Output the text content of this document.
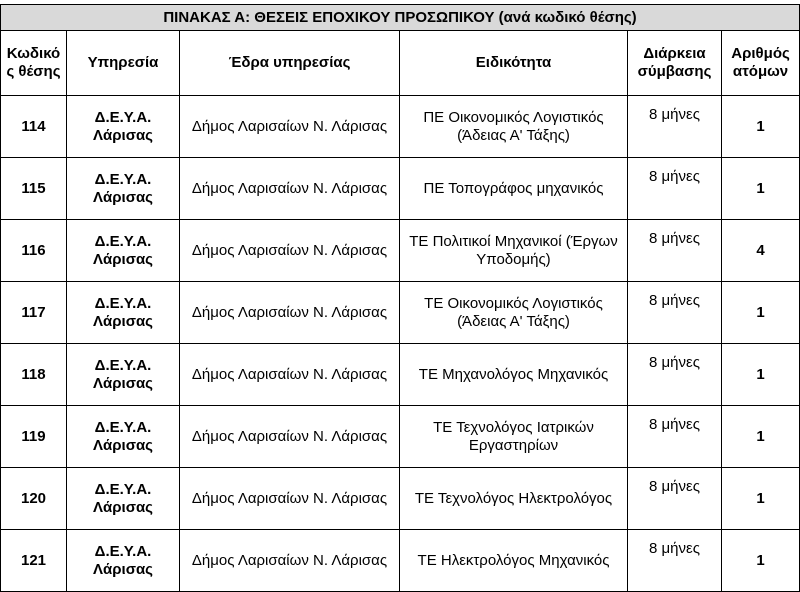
ΠΙΝΑΚΑΣ Α: ΘΕΣΕΙΣ ΕΠΟΧΙΚΟΥ ΠΡΟΣΩΠΙΚΟΥ (ανά κωδικό θέσης)					
Κωδικό ς θέσης	Υπηρεσία	Έδρα υπηρεσίας	Ειδικότητα	Διάρκεια σύμβασης	Αριθμός ατόμων
114	Δ.Ε.Υ.Α. Λάρισας	Δήμος Λαρισαίων Ν. Λάρισας	ΠΕ Οικονομικός Λογιστικός (Άδειας Α' Τάξης)	8 μήνες	1
115	Δ.Ε.Υ.Α. Λάρισας	Δήμος Λαρισαίων Ν. Λάρισας	ΠΕ Τοπογράφος μηχανικός	8 μήνες	1
116	Δ.Ε.Υ.Α. Λάρισας	Δήμος Λαρισαίων Ν. Λάρισας	ΤΕ Πολιτικοί Μηχανικοί (Έργων Υποδομής)	8 μήνες	4
117	Δ.Ε.Υ.Α. Λάρισας	Δήμος Λαρισαίων Ν. Λάρισας	ΤΕ Οικονομικός Λογιστικός (Άδειας Α' Τάξης)	8 μήνες	1
118	Δ.Ε.Υ.Α. Λάρισας	Δήμος Λαρισαίων Ν. Λάρισας	ΤΕ Μηχανολόγος Μηχανικός	8 μήνες	1
119	Δ.Ε.Υ.Α. Λάρισας	Δήμος Λαρισαίων Ν. Λάρισας	ΤΕ Τεχνολόγος Ιατρικών Εργαστηρίων	8 μήνες	1
120	Δ.Ε.Υ.Α. Λάρισας	Δήμος Λαρισαίων Ν. Λάρισας	ΤΕ Τεχνολόγος Ηλεκτρολόγος	8 μήνες	1
121	Δ.Ε.Υ.Α. Λάρισας	Δήμος Λαρισαίων Ν. Λάρισας	ΤΕ Ηλεκτρολόγος Μηχανικός	8 μήνες	1
